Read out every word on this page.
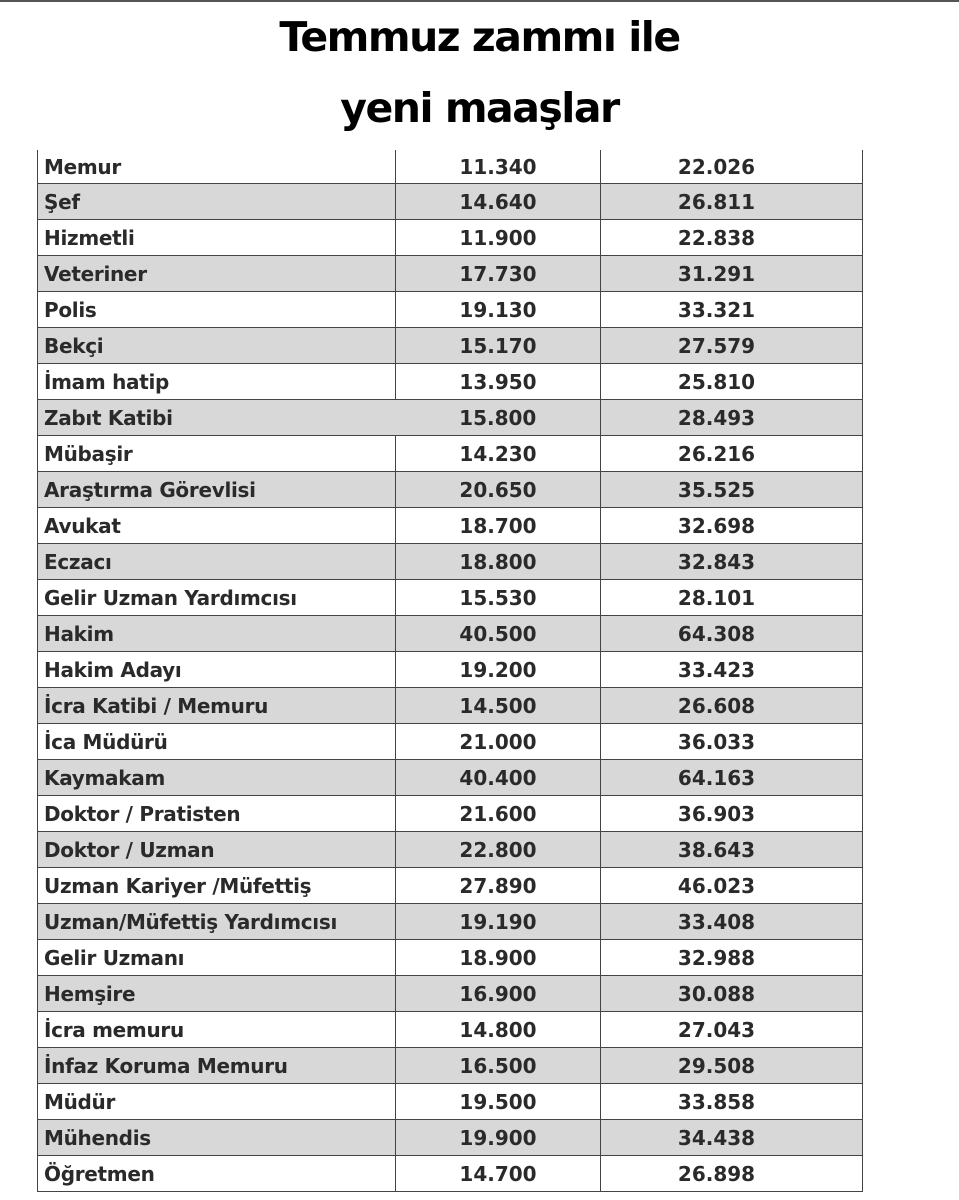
Temmuz zammı ile
yeni maaşlar
Memur	11.340	22.026
Şef	14.640	26.811
Hizmetli	11.900	22.838
Veteriner	17.730	31.291
Polis	19.130	33.321
Bekçi	15.170	27.579
İmam hatip	13.950	25.810
Zabıt Katibi	15.800	28.493
Mübaşir	14.230	26.216
Araştırma Görevlisi	20.650	35.525
Avukat	18.700	32.698
Eczacı	18.800	32.843
Gelir Uzman Yardımcısı	15.530	28.101
Hakim	40.500	64.308
Hakim Adayı	19.200	33.423
İcra Katibi / Memuru	14.500	26.608
İca Müdürü	21.000	36.033
Kaymakam	40.400	64.163
Doktor / Pratisten	21.600	36.903
Doktor / Uzman	22.800	38.643
Uzman Kariyer /Müfettiş	27.890	46.023
Uzman/Müfettiş Yardımcısı	19.190	33.408
Gelir Uzmanı	18.900	32.988
Hemşire	16.900	30.088
İcra memuru	14.800	27.043
İnfaz Koruma Memuru	16.500	29.508
Müdür	19.500	33.858
Mühendis	19.900	34.438
Öğretmen	14.700	26.898
